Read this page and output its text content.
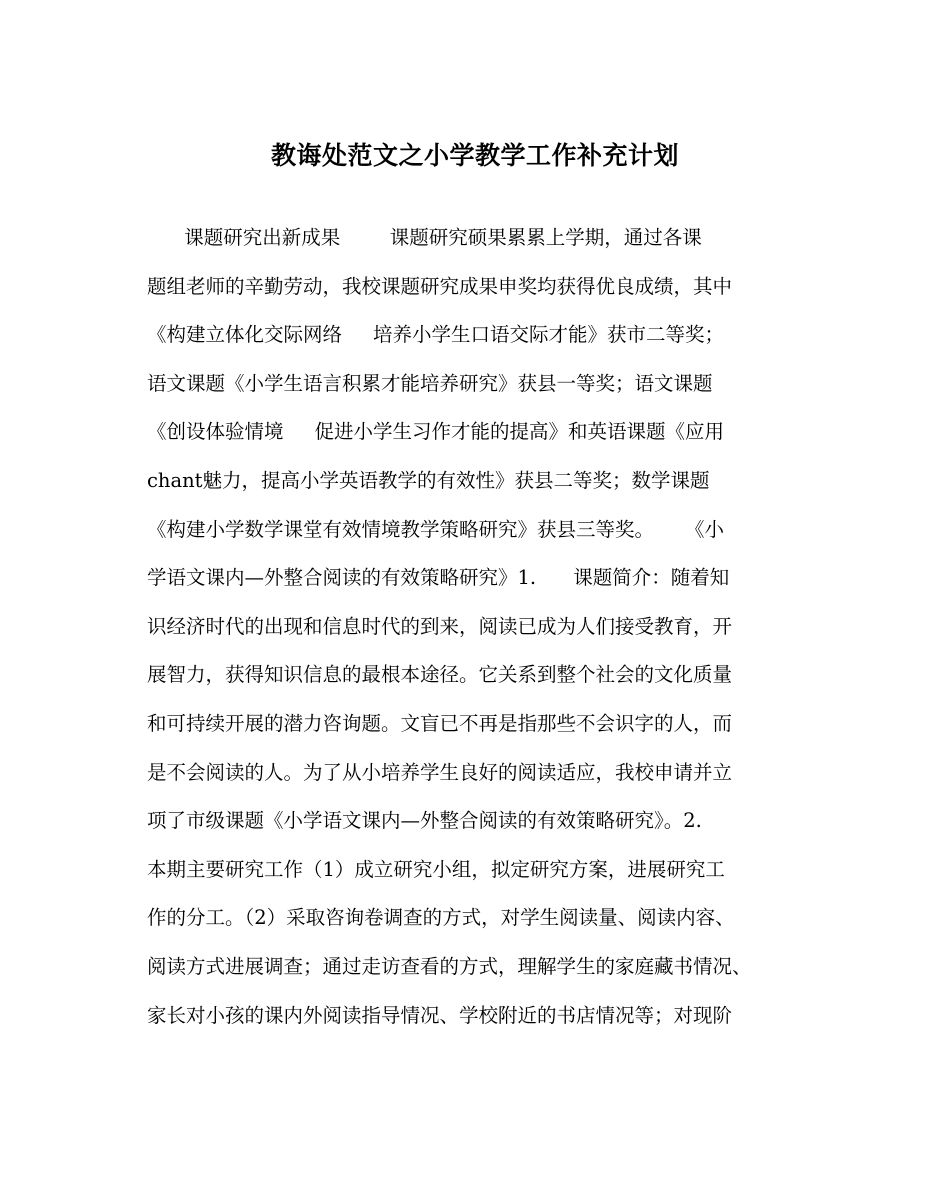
教诲处范文之小学教学工作补充计划
课题研究出新成果        课题研究硕果累累上学期，通过各课
题组老师的辛勤劳动，我校课题研究成果申奖均获得优良成绩，其中
《构建立体化交际网络     培养小学生口语交际才能》获市二等奖；
语文课题《小学生语言积累才能培养研究》获县一等奖；语文课题
《创设体验情境     促进小学生习作才能的提高》和英语课题《应用
chant魅力，提高小学英语教学的有效性》获县二等奖；数学课题
《构建小学数学课堂有效情境教学策略研究》获县三等奖。     《小
学语文课内—外整合阅读的有效策略研究》1.      课题简介：随着知
识经济时代的出现和信息时代的到来，阅读已成为人们接受教育，开
展智力，获得知识信息的最根本途径。它关系到整个社会的文化质量
和可持续开展的潜力咨询题。文盲已不再是指那些不会识字的人，而
是不会阅读的人。为了从小培养学生良好的阅读适应，我校申请并立
项了市级课题《小学语文课内—外整合阅读的有效策略研究》。2.
本期主要研究工作（1）成立研究小组，拟定研究方案，进展研究工
作的分工。（2）采取咨询卷调查的方式，对学生阅读量、阅读内容、
阅读方式进展调查；通过走访查看的方式，理解学生的家庭藏书情况、
家长对小孩的课内外阅读指导情况、学校附近的书店情况等；对现阶
